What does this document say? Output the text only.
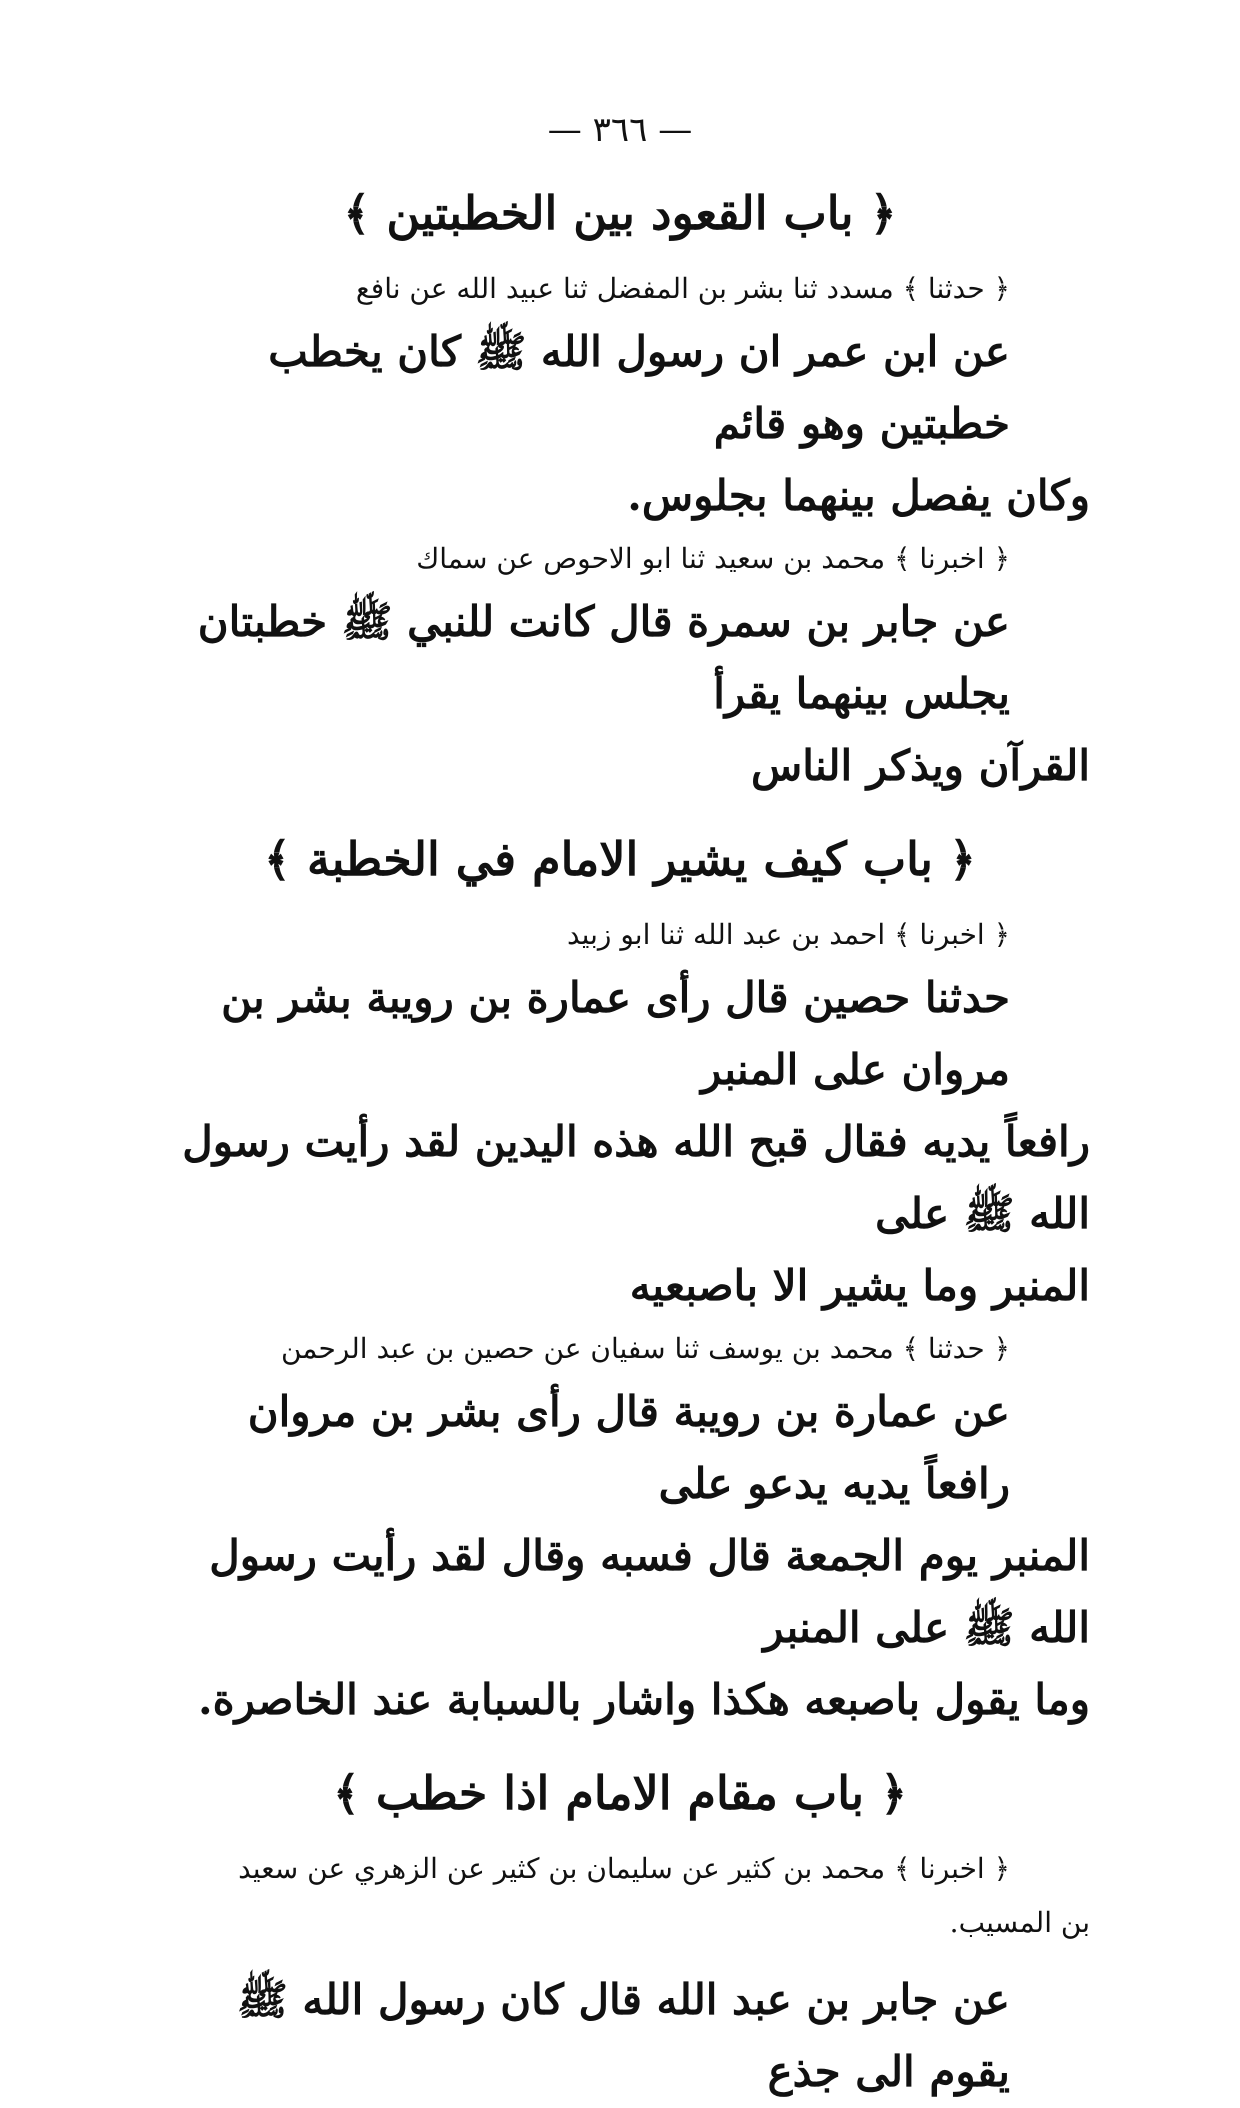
— ٣٦٦ —
﴿ باب القعود بين الخطبتين ﴾
﴿ حدثنا ﴾ مسدد ثنا بشر بن المفضل ثنا عبيد الله عن نافع
عن ابن عمر ان رسول الله ﷺ كان يخطب خطبتين وهو قائم
وكان يفصل بينهما بجلوس.
﴿ اخبرنا ﴾ محمد بن سعيد ثنا ابو الاحوص عن سماك
عن جابر بن سمرة قال كانت للنبي ﷺ خطبتان يجلس بينهما يقرأ
القرآن ويذكر الناس
﴿ باب كيف يشير الامام في الخطبة ﴾
﴿ اخبرنا ﴾ احمد بن عبد الله ثنا ابو زبيد
حدثنا حصين قال رأى عمارة بن رويبة بشر بن مروان على المنبر
رافعاً يديه فقال قبح الله هذه اليدين لقد رأيت رسول الله ﷺ على
المنبر وما يشير الا باصبعيه
﴿ حدثنا ﴾ محمد بن يوسف ثنا سفيان عن حصين بن عبد الرحمن
عن عمارة بن رويبة قال رأى بشر بن مروان رافعاً يديه يدعو على
المنبر يوم الجمعة قال فسبه وقال لقد رأيت رسول الله ﷺ على المنبر
وما يقول باصبعه هكذا واشار بالسبابة عند الخاصرة.
﴿ باب مقام الامام اذا خطب ﴾
﴿ اخبرنا ﴾ محمد بن كثير عن سليمان بن كثير عن الزهري عن سعيد
بن المسيب.
عن جابر بن عبد الله قال كان رسول الله ﷺ يقوم الى جذع
